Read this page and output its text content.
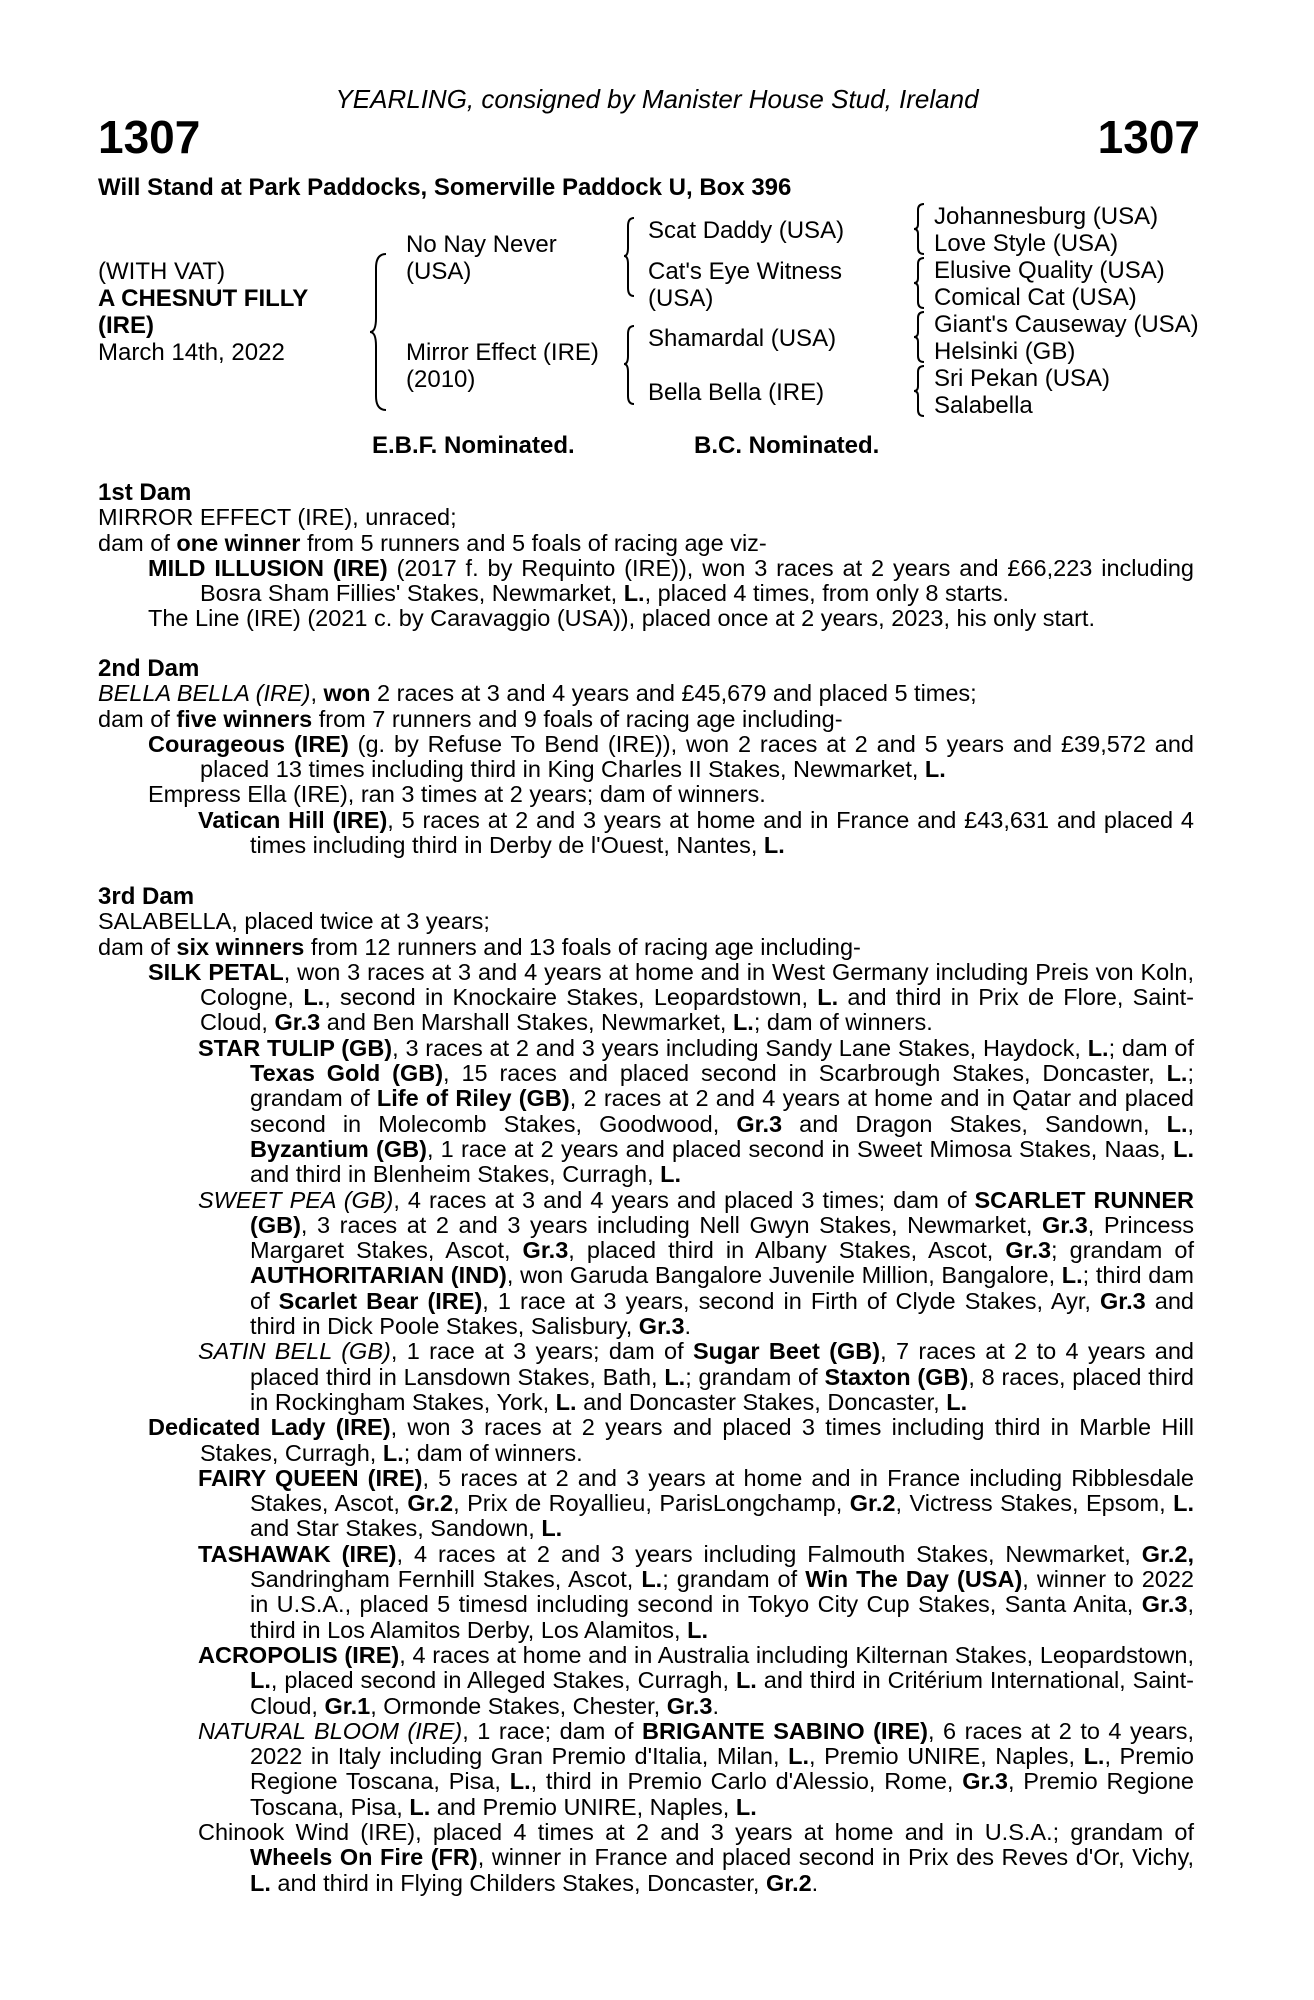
YEARLING, consigned by Manister House Stud, Ireland
1307	1307
Will Stand at Park Paddocks, Somerville Paddock U, Box 396
(WITH VAT)
A CHESNUT FILLY
(IRE)
March 14th, 2022
No Nay Never
(USA)
Mirror Effect (IRE)
(2010)
Scat Daddy (USA)
Cat's Eye Witness
(USA)
Shamardal (USA)
Bella Bella (IRE)
Johannesburg (USA)
Love Style (USA)
Elusive Quality (USA)
Comical Cat (USA)
Giant's Causeway (USA)
Helsinki (GB)
Sri Pekan (USA)
Salabella
E.B.F. Nominated.	B.C. Nominated.

1st Dam

MIRROR EFFECT (IRE), unraced;

dam of one winner from 5 runners and 5 foals of racing age viz-

MILD ILLUSION (IRE) (2017 f. by Requinto (IRE)), won 3 races at 2 years and £66,223 including Bosra Sham Fillies' Stakes, Newmarket, L., placed 4 times, from only 8 starts.

The Line (IRE) (2021 c. by Caravaggio (USA)), placed once at 2 years, 2023, his only start.

2nd Dam

BELLA BELLA (IRE), won 2 races at 3 and 4 years and £45,679 and placed 5 times;

dam of five winners from 7 runners and 9 foals of racing age including-

Courageous (IRE) (g. by Refuse To Bend (IRE)), won 2 races at 2 and 5 years and £39,572 and placed 13 times including third in King Charles II Stakes, Newmarket, L.

Empress Ella (IRE), ran 3 times at 2 years; dam of winners.

Vatican Hill (IRE), 5 races at 2 and 3 years at home and in France and £43,631 and placed 4 times including third in Derby de l'Ouest, Nantes, L.

3rd Dam

SALABELLA, placed twice at 3 years;

dam of six winners from 12 runners and 13 foals of racing age including-

SILK PETAL, won 3 races at 3 and 4 years at home and in West Germany including Preis von Koln, Cologne, L., second in Knockaire Stakes, Leopardstown, L. and third in Prix de Flore, Saint-Cloud, Gr.3 and Ben Marshall Stakes, Newmarket, L.; dam of winners.

STAR TULIP (GB), 3 races at 2 and 3 years including Sandy Lane Stakes, Haydock, L.; dam of Texas Gold (GB), 15 races and placed second in Scarbrough Stakes, Doncaster, L.; grandam of Life of Riley (GB), 2 races at 2 and 4 years at home and in Qatar and placed second in Molecomb Stakes, Goodwood, Gr.3 and Dragon Stakes, Sandown, L., Byzantium (GB), 1 race at 2 years and placed second in Sweet Mimosa Stakes, Naas, L. and third in Blenheim Stakes, Curragh, L.

SWEET PEA (GB), 4 races at 3 and 4 years and placed 3 times; dam of SCARLET RUNNER (GB), 3 races at 2 and 3 years including Nell Gwyn Stakes, Newmarket, Gr.3, Princess Margaret Stakes, Ascot, Gr.3, placed third in Albany Stakes, Ascot, Gr.3; grandam of AUTHORITARIAN (IND), won Garuda Bangalore Juvenile Million, Bangalore, L.; third dam of Scarlet Bear (IRE), 1 race at 3 years, second in Firth of Clyde Stakes, Ayr, Gr.3 and third in Dick Poole Stakes, Salisbury, Gr.3.

SATIN BELL (GB), 1 race at 3 years; dam of Sugar Beet (GB), 7 races at 2 to 4 years and placed third in Lansdown Stakes, Bath, L.; grandam of Staxton (GB), 8 races, placed third in Rockingham Stakes, York, L. and Doncaster Stakes, Doncaster, L.

Dedicated Lady (IRE), won 3 races at 2 years and placed 3 times including third in Marble Hill Stakes, Curragh, L.; dam of winners.

FAIRY QUEEN (IRE), 5 races at 2 and 3 years at home and in France including Ribblesdale Stakes, Ascot, Gr.2, Prix de Royallieu, ParisLongchamp, Gr.2, Victress Stakes, Epsom, L. and Star Stakes, Sandown, L.

TASHAWAK (IRE), 4 races at 2 and 3 years including Falmouth Stakes, Newmarket, Gr.2, Sandringham Fernhill Stakes, Ascot, L.; grandam of Win The Day (USA), winner to 2022 in U.S.A., placed 5 timesd including second in Tokyo City Cup Stakes, Santa Anita, Gr.3, third in Los Alamitos Derby, Los Alamitos, L.

ACROPOLIS (IRE), 4 races at home and in Australia including Kilternan Stakes, Leopardstown, L., placed second in Alleged Stakes, Curragh, L. and third in Critérium International, Saint-Cloud, Gr.1, Ormonde Stakes, Chester, Gr.3.

NATURAL BLOOM (IRE), 1 race; dam of BRIGANTE SABINO (IRE), 6 races at 2 to 4 years, 2022 in Italy including Gran Premio d'Italia, Milan, L., Premio UNIRE, Naples, L., Premio Regione Toscana, Pisa, L., third in Premio Carlo d'Alessio, Rome, Gr.3, Premio Regione Toscana, Pisa, L. and Premio UNIRE, Naples, L.

Chinook Wind (IRE), placed 4 times at 2 and 3 years at home and in U.S.A.; grandam of Wheels On Fire (FR), winner in France and placed second in Prix des Reves d'Or, Vichy, L. and third in Flying Childers Stakes, Doncaster, Gr.2.
